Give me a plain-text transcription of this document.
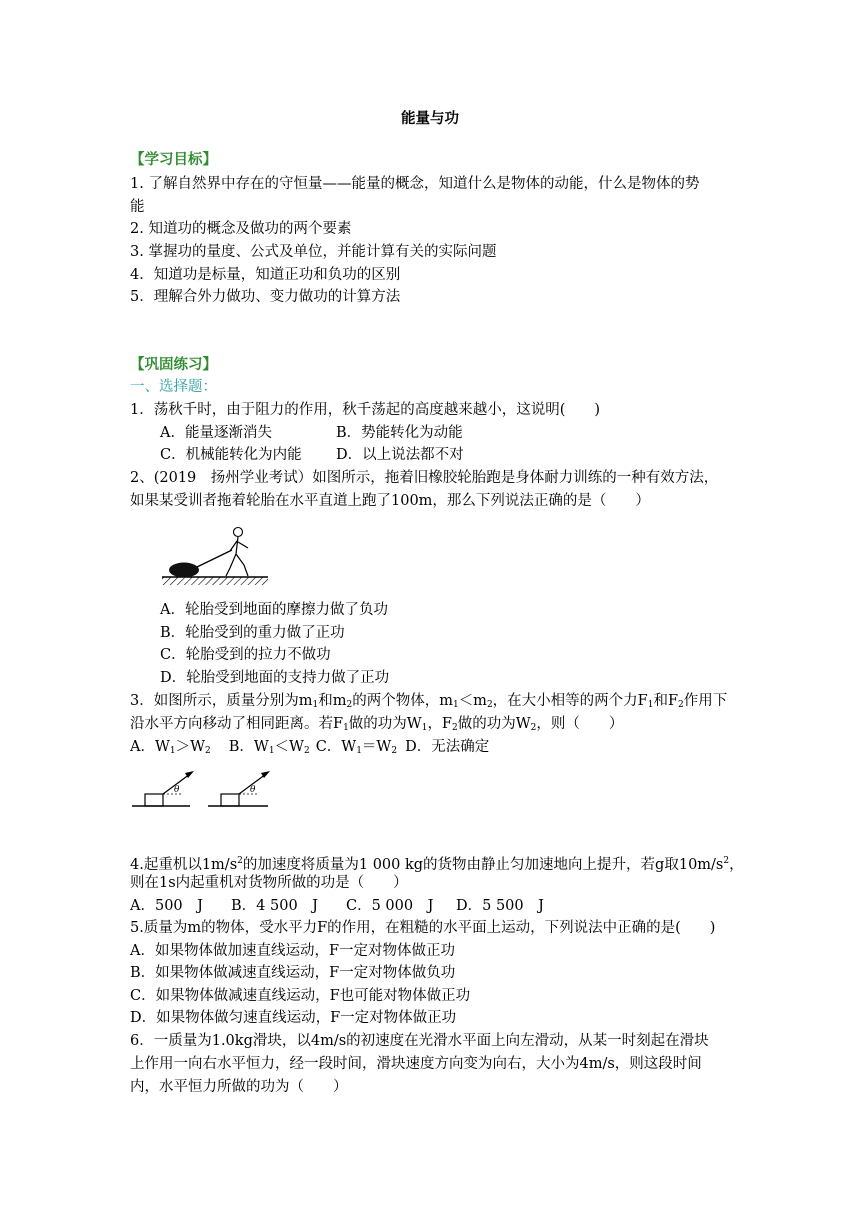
能量与功
【学习目标】
1. 了解自然界中存在的守恒量——能量的概念，知道什么是物体的动能，什么是物体的势
能
2. 知道功的概念及做功的两个要素
3. 掌握功的量度、公式及单位，并能计算有关的实际问题
4．知道功是标量，知道正功和负功的区别
5．理解合外力做功、变力做功的计算方法
【巩固练习】
一、选择题：
1．荡秋千时，由于阻力的作用，秋千荡起的高度越来越小，这说明(　　)
A．能量逐渐消失	B．势能转化为动能
C．机械能转化为内能 D．以上说法都不对
2、(2019　扬州学业考试）如图所示，拖着旧橡胶轮胎跑是身体耐力训练的一种有效方法，
如果某受训者拖着轮胎在水平直道上跑了100m，那么下列说法正确的是（　　）
A．轮胎受到地面的摩擦力做了负功
B．轮胎受到的重力做了正功
C．轮胎受到的拉力不做功
D．轮胎受到地面的支持力做了正功
3．如图所示，质量分别为$m_1$和$m_2$的两个物体，$m_1<m_2$，在大小相等的两个力$F_1$和$F_2$作用下
沿水平方向移动了相同距离。若$F_1$做的功为$W_1$，$F_2$做的功为$W_2$，则（　　）
A．$W_1>W_2$ B．$W_1<W_2$ C．$W_1=W_2$ D．无法确定
θ	θ
4.起重机以$1m/s^2$的加速度将质量为1 000 kg的货物由静止匀加速地向上提升，若g取$10m/s^2$，
则在1s内起重机对货物所做的功是（　　）
A．500　J B．4 500　J C．5 000　J D．5 500　J
5.质量为m的物体，受水平力F的作用，在粗糙的水平面上运动，下列说法中正确的是(　　)
A．如果物体做加速直线运动，F一定对物体做正功
B．如果物体做减速直线运动，F一定对物体做负功
C．如果物体做减速直线运动，F也可能对物体做正功
D．如果物体做匀速直线运动，F一定对物体做正功
6．一质量为1.0kg滑块，以4m/s的初速度在光滑水平面上向左滑动，从某一时刻起在滑块
上作用一向右水平恒力，经一段时间，滑块速度方向变为向右，大小为4m/s，则这段时间
内，水平恒力所做的功为（　　）
